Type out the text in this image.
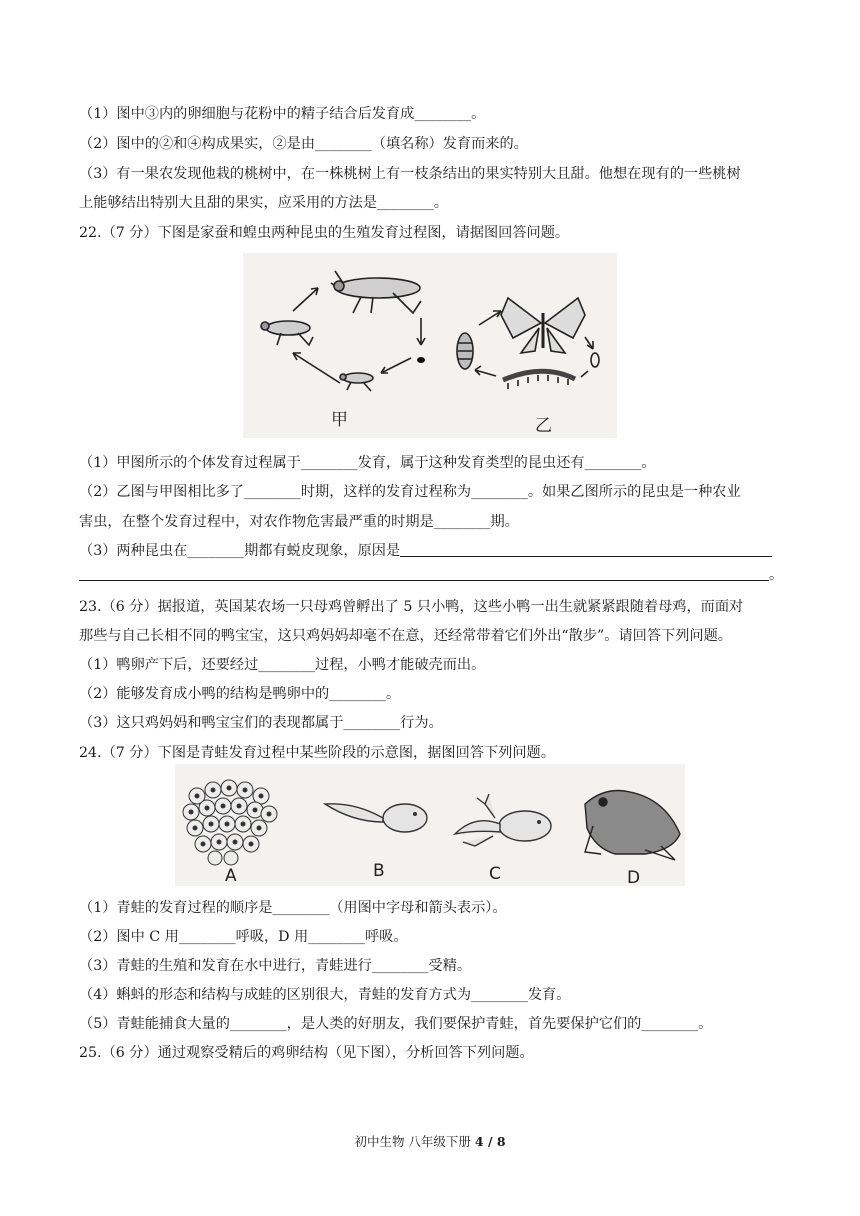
（1）图中③内的卵细胞与花粉中的精子结合后发育成________。
（2）图中的②和④构成果实，②是由________（填名称）发育而来的。
（3）有一果农发现他栽的桃树中，在一株桃树上有一枝条结出的果实特别大且甜。他想在现有的一些桃树
上能够结出特别大且甜的果实，应采用的方法是________。
22.（7 分）下图是家蚕和蝗虫两种昆虫的生殖发育过程图，请据图回答问题。
甲	乙
（1）甲图所示的个体发育过程属于________发育，属于这种发育类型的昆虫还有________。
（2）乙图与甲图相比多了________时期，这样的发育过程称为________。如果乙图所示的昆虫是一种农业
害虫，在整个发育过程中，对农作物危害最严重的时期是________期。
（3）两种昆虫在________期都有蜕皮现象，原因是
。
23.（6 分）据报道，英国某农场一只母鸡曾孵出了 5 只小鸭，这些小鸭一出生就紧紧跟随着母鸡，而面对
那些与自己长相不同的鸭宝宝，这只鸡妈妈却毫不在意，还经常带着它们外出“散步”。请回答下列问题。
（1）鸭卵产下后，还要经过________过程，小鸭才能破壳而出。
（2）能够发育成小鸭的结构是鸭卵中的________。
（3）这只鸡妈妈和鸭宝宝们的表现都属于________行为。
24.（7 分）下图是青蛙发育过程中某些阶段的示意图，据图回答下列问题。
A	B	C	D
（1）青蛙的发育过程的顺序是________（用图中字母和箭头表示）。
（2）图中 C 用________呼吸，D 用________呼吸。
（3）青蛙的生殖和发育在水中进行，青蛙进行________受精。
（4）蝌蚪的形态和结构与成蛙的区别很大，青蛙的发育方式为________发育。
（5）青蛙能捕食大量的________，是人类的好朋友，我们要保护青蛙，首先要保护它们的________。
25.（6 分）通过观察受精后的鸡卵结构（见下图），分析回答下列问题。
初中生物 八年级下册 4 / 8
